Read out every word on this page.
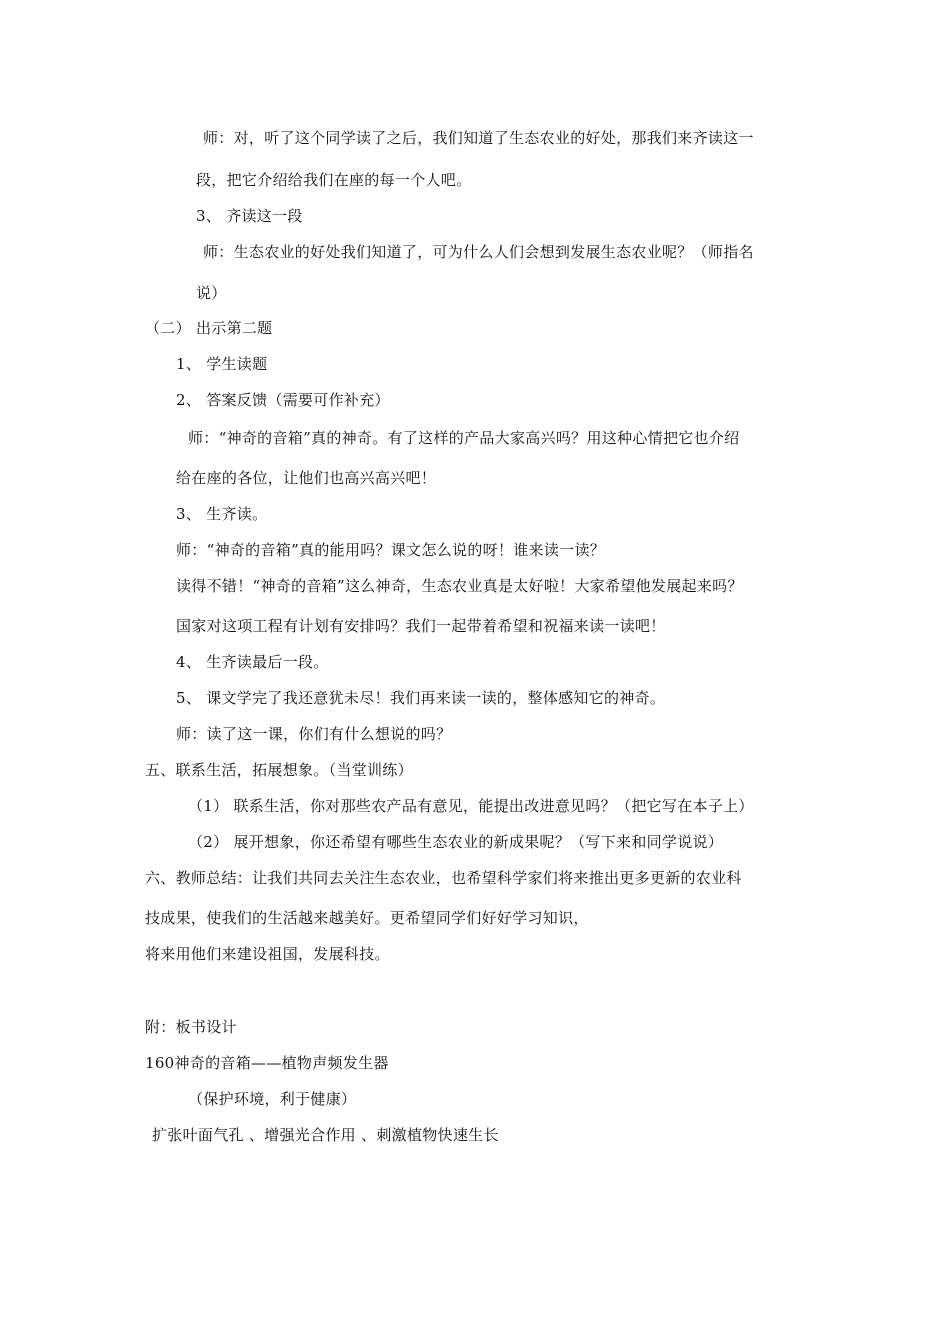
师：对，听了这个同学读了之后，我们知道了生态农业的好处，那我们来齐读这一
段，把它介绍给我们在座的每一个人吧。
3、 齐读这一段
师：生态农业的好处我们知道了，可为什么人们会想到发展生态农业呢？（师指名
说）
（二） 出示第二题
1、 学生读题
2、 答案反馈（需要可作补充）
师：“神奇的音箱”真的神奇。有了这样的产品大家高兴吗？用这种心情把它也介绍
给在座的各位，让他们也高兴高兴吧！
3、 生齐读。
师：“神奇的音箱”真的能用吗？课文怎么说的呀！谁来读一读？
读得不错！“神奇的音箱”这么神奇，生态农业真是太好啦！大家希望他发展起来吗？
国家对这项工程有计划有安排吗？我们一起带着希望和祝福来读一读吧！
4、 生齐读最后一段。
5、 课文学完了我还意犹未尽！我们再来读一读的，整体感知它的神奇。
师：读了这一课，你们有什么想说的吗？
五、联系生活，拓展想象。（当堂训练）
（1） 联系生活，你对那些农产品有意见，能提出改进意见吗？（把它写在本子上）
（2） 展开想象，你还希望有哪些生态农业的新成果呢？（写下来和同学说说）
六、教师总结：让我们共同去关注生态农业，也希望科学家们将来推出更多更新的农业科
技成果，使我们的生活越来越美好。更希望同学们好好学习知识，
将来用他们来建设祖国，发展科技。
附：板书设计
160神奇的音箱——植物声频发生器
（保护环境，利于健康）
扩张叶面气孔 、增强光合作用 、刺激植物快速生长
